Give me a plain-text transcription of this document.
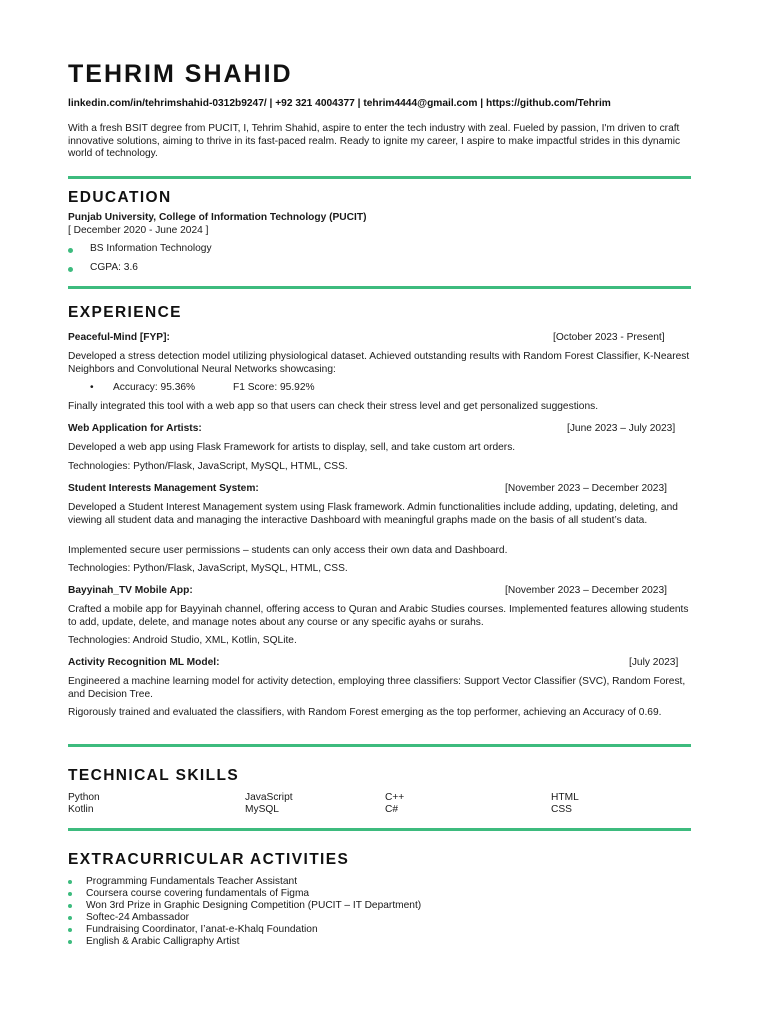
TEHRIM SHAHID
linkedin.com/in/tehrimshahid-0312b9247/ | +92 321 4004377 | tehrim4444@gmail.com | https://github.com/Tehrim

With a fresh BSIT degree from PUCIT, I, Tehrim Shahid, aspire to enter the tech industry with zeal. Fueled by passion, I'm driven to craft innovative solutions, aiming to thrive in its fast-paced realm. Ready to ignite my career, I aspire to make impactful strides in this dynamic world of technology.

EDUCATION
Punjab University, College of Information Technology (PUCIT)
[ December 2020 - June 2024 ]
BS Information Technology
CGPA: 3.6
EXPERIENCE
Peaceful-Mind [FYP]:	[October 2023 - Present]

Developed a stress detection model utilizing physiological dataset. Achieved outstanding results with Random Forest Classifier, K-Nearest Neighbors and Convolutional Neural Networks showcasing:

• Accuracy: 95.36%	F1 Score: 95.92%

Finally integrated this tool with a web app so that users can check their stress level and get personalized suggestions.

Web Application for Artists:	[June 2023 – July 2023]

Developed a web app using Flask Framework for artists to display, sell, and take custom art orders.

Technologies: Python/Flask, JavaScript, MySQL, HTML, CSS.

Student Interests Management System:	[November 2023 – December 2023]

Developed a Student Interest Management system using Flask framework. Admin functionalities include adding, updating, deleting, and viewing all student data and managing the interactive Dashboard with meaningful graphs made on the basis of all student’s data.

Implemented secure user permissions – students can only access their own data and Dashboard.

Technologies: Python/Flask, JavaScript, MySQL, HTML, CSS.

Bayyinah_TV Mobile App:	[November 2023 – December 2023]

Crafted a mobile app for Bayyinah channel, offering access to Quran and Arabic Studies courses. Implemented features allowing students to add, update, delete, and manage notes about any course or any specific ayahs or surahs.

Technologies: Android Studio, XML, Kotlin, SQLite.

Activity Recognition ML Model:	[July 2023]

Engineered a machine learning model for activity detection, employing three classifiers: Support Vector Classifier (SVC), Random Forest, and Decision Tree.

Rigorously trained and evaluated the classifiers, with Random Forest emerging as the top performer, achieving an Accuracy of 0.69.

TECHNICAL SKILLS
Python	JavaScript	C++	HTML
Kotlin	MySQL	C#	CSS
EXTRACURRICULAR ACTIVITIES
Programming Fundamentals Teacher Assistant
Coursera course covering fundamentals of Figma
Won 3rd Prize in Graphic Designing Competition (PUCIT – IT Department)
Softec-24 Ambassador
Fundraising Coordinator, I’anat-e-Khalq Foundation
English & Arabic Calligraphy Artist
